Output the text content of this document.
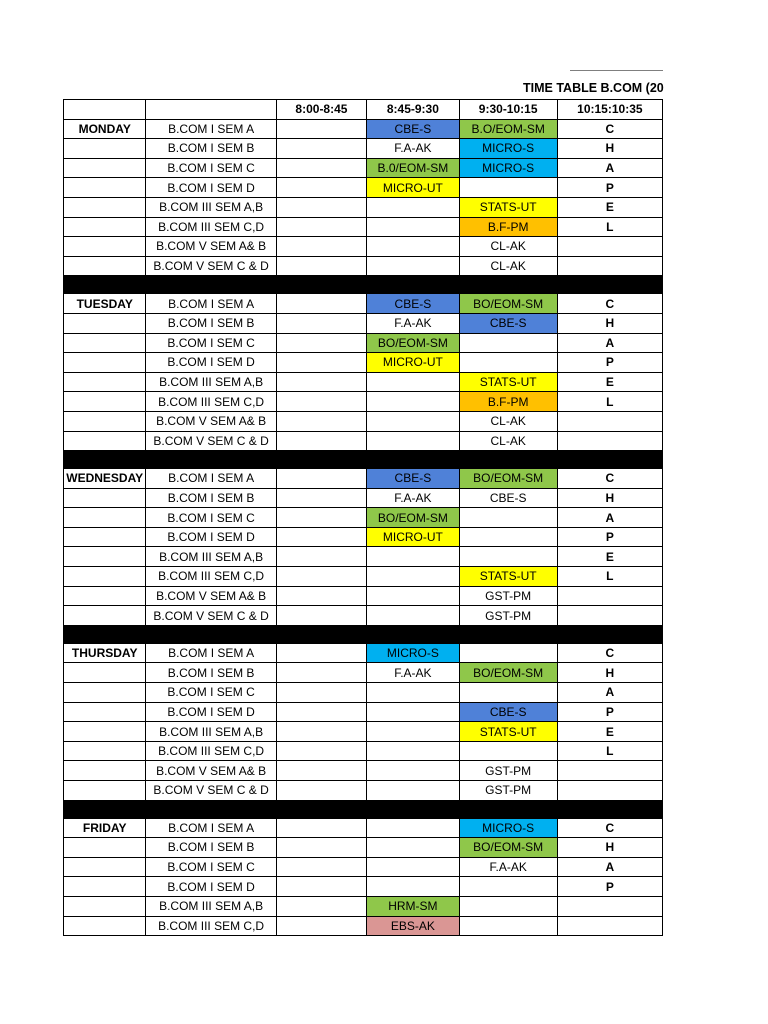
TIME TABLE B.COM (20
		8:00-8:45	8:45-9:30	9:30-10:15	10:15:10:35
MONDAY	B.COM I SEM A		CBE-S	B.O/EOM-SM	C
	B.COM I SEM B		F.A-AK	MICRO-S	H
	B.COM I SEM C		B.0/EOM-SM	MICRO-S	A
	B.COM I SEM D		MICRO-UT		P
	B.COM III SEM A,B			STATS-UT	E
	B.COM III SEM C,D			B.F-PM	L
	B.COM V SEM A& B			CL-AK	
	B.COM V SEM C & D			CL-AK	

TUESDAY	B.COM I SEM A		CBE-S	BO/EOM-SM	C
	B.COM I SEM B		F.A-AK	CBE-S	H
	B.COM I SEM C		BO/EOM-SM		A
	B.COM I SEM D		MICRO-UT		P
	B.COM III SEM A,B			STATS-UT	E
	B.COM III SEM C,D			B.F-PM	L
	B.COM V SEM A& B			CL-AK	
	B.COM V SEM C & D			CL-AK	

WEDNESDAY	B.COM I SEM A		CBE-S	BO/EOM-SM	C
	B.COM I SEM B		F.A-AK	CBE-S	H
	B.COM I SEM C		BO/EOM-SM		A
	B.COM I SEM D		MICRO-UT		P
	B.COM III SEM A,B				E
	B.COM III SEM C,D			STATS-UT	L
	B.COM V SEM A& B			GST-PM	
	B.COM V SEM C & D			GST-PM	

THURSDAY	B.COM I SEM A		MICRO-S		C
	B.COM I SEM B		F.A-AK	BO/EOM-SM	H
	B.COM I SEM C				A
	B.COM I SEM D			CBE-S	P
	B.COM III SEM A,B			STATS-UT	E
	B.COM III SEM C,D				L
	B.COM V SEM A& B			GST-PM	
	B.COM V SEM C & D			GST-PM	

FRIDAY	B.COM I SEM A			MICRO-S	C
	B.COM I SEM B			BO/EOM-SM	H
	B.COM I SEM C			F.A-AK	A
	B.COM I SEM D				P
	B.COM III SEM A,B		HRM-SM		
	B.COM III SEM C,D		EBS-AK		
